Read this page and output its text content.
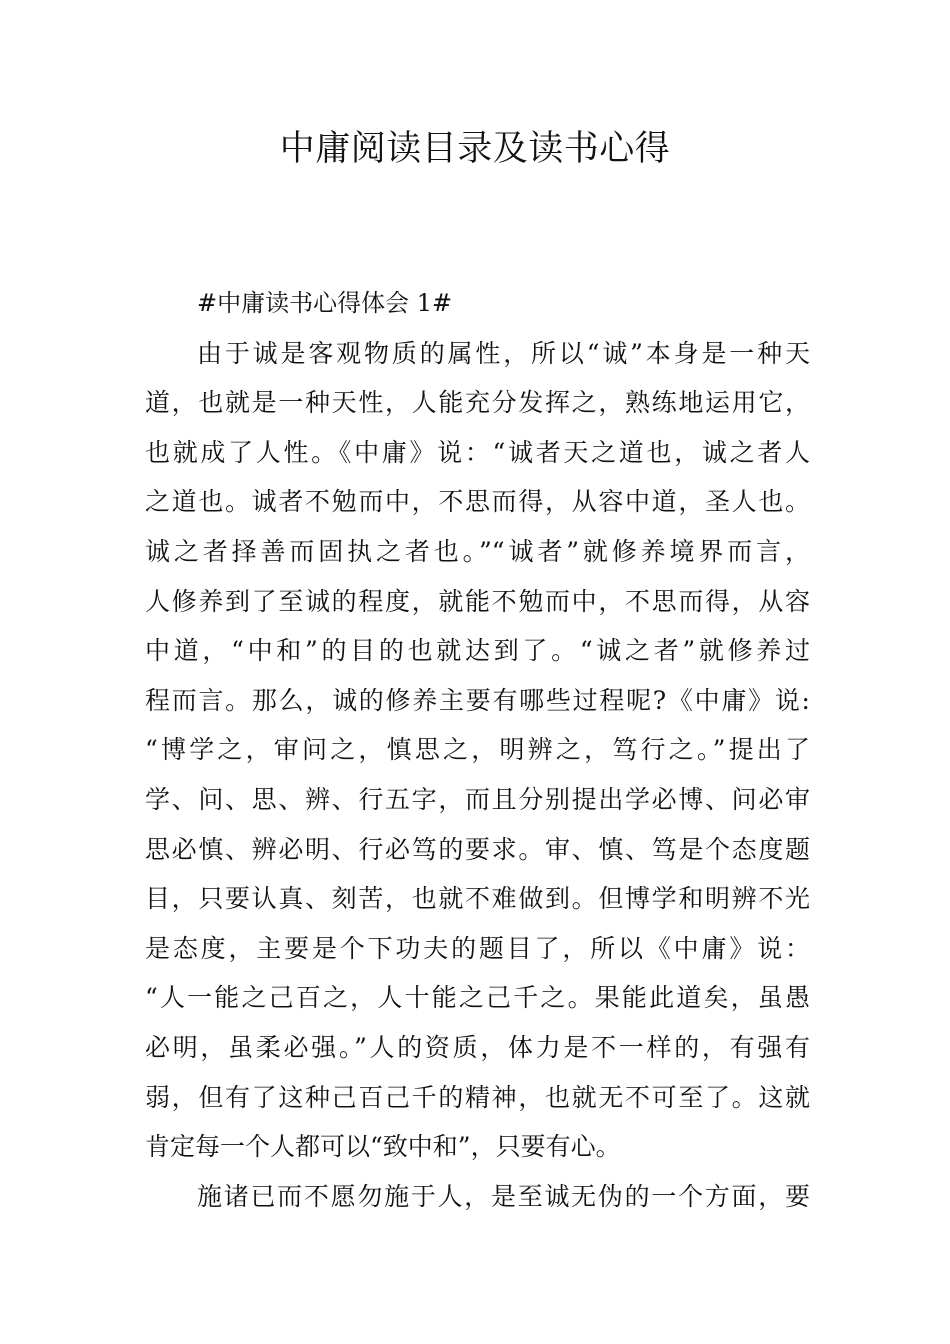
中庸阅读目录及读书心得
#中庸读书心得体会 1#
由于诚是客观物质的属性，所以“诚”本身是一种天
道，也就是一种天性，人能充分发挥之，熟练地运用它，
也就成了人性。《中庸》说：“诚者天之道也，诚之者人
之道也。诚者不勉而中，不思而得，从容中道，圣人也。
诚之者择善而固执之者也。”“诚者”就修养境界而言，
人修养到了至诚的程度，就能不勉而中，不思而得，从容
中道，“中和”的目的也就达到了。“诚之者”就修养过
程而言。那么，诚的修养主要有哪些过程呢?《中庸》说:
“博学之，审问之，慎思之，明辨之，笃行之。”提出了
学、问、思、辨、行五字，而且分别提出学必博、问必审
思必慎、辨必明、行必笃的要求。审、慎、笃是个态度题
目，只要认真、刻苦，也就不难做到。但博学和明辨不光
是态度，主要是个下功夫的题目了，所以《中庸》说：
“人一能之己百之，人十能之己千之。果能此道矣，虽愚
必明，虽柔必强。”人的资质，体力是不一样的，有强有
弱，但有了这种己百己千的精神，也就无不可至了。这就
肯定每一个人都可以“致中和”，只要有心。
施诸已而不愿勿施于人，是至诚无伪的一个方面，要
